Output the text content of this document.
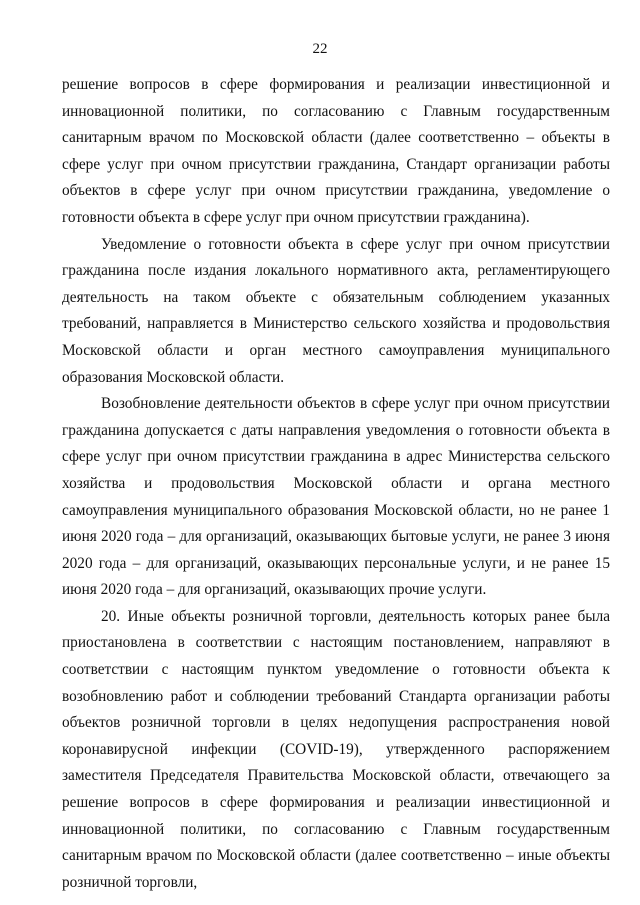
22

решение вопросов в сфере формирования и реализации инвестиционной и инновационной политики, по согласованию с Главным государственным санитарным врачом по Московской области (далее соответственно – объекты в сфере услуг при очном присутствии гражданина, Стандарт организации работы объектов в сфере услуг при очном присутствии гражданина, уведомление о готовности объекта в сфере услуг при очном присутствии гражданина).

Уведомление о готовности объекта в сфере услуг при очном присутствии гражданина после издания локального нормативного акта, регламентирующего деятельность на таком объекте с обязательным соблюдением указанных требований, направляется в Министерство сельского хозяйства и продовольствия Московской области и орган местного самоуправления муниципального образования Московской области.

Возобновление деятельности объектов в сфере услуг при очном присутствии гражданина допускается с даты направления уведомления о готовности объекта в сфере услуг при очном присутствии гражданина в адрес Министерства сельского хозяйства и продовольствия Московской области и органа местного самоуправления муниципального образования Московской области, но не ранее 1 июня 2020 года – для организаций, оказывающих бытовые услуги, не ранее 3 июня 2020 года – для организаций, оказывающих персональные услуги, и не ранее 15 июня 2020 года – для организаций, оказывающих прочие услуги.

20. Иные объекты розничной торговли, деятельность которых ранее была приостановлена в соответствии с настоящим постановлением, направляют в соответствии с настоящим пунктом уведомление о готовности объекта к возобновлению работ и соблюдении требований Стандарта организации работы объектов розничной торговли в целях недопущения распространения новой коронавирусной инфекции (COVID-19), утвержденного распоряжением заместителя Председателя Правительства Московской области, отвечающего за решение вопросов в сфере формирования и реализации инвестиционной и инновационной политики, по согласованию с Главным государственным санитарным врачом по Московской области (далее соответственно – иные объекты розничной торговли,
